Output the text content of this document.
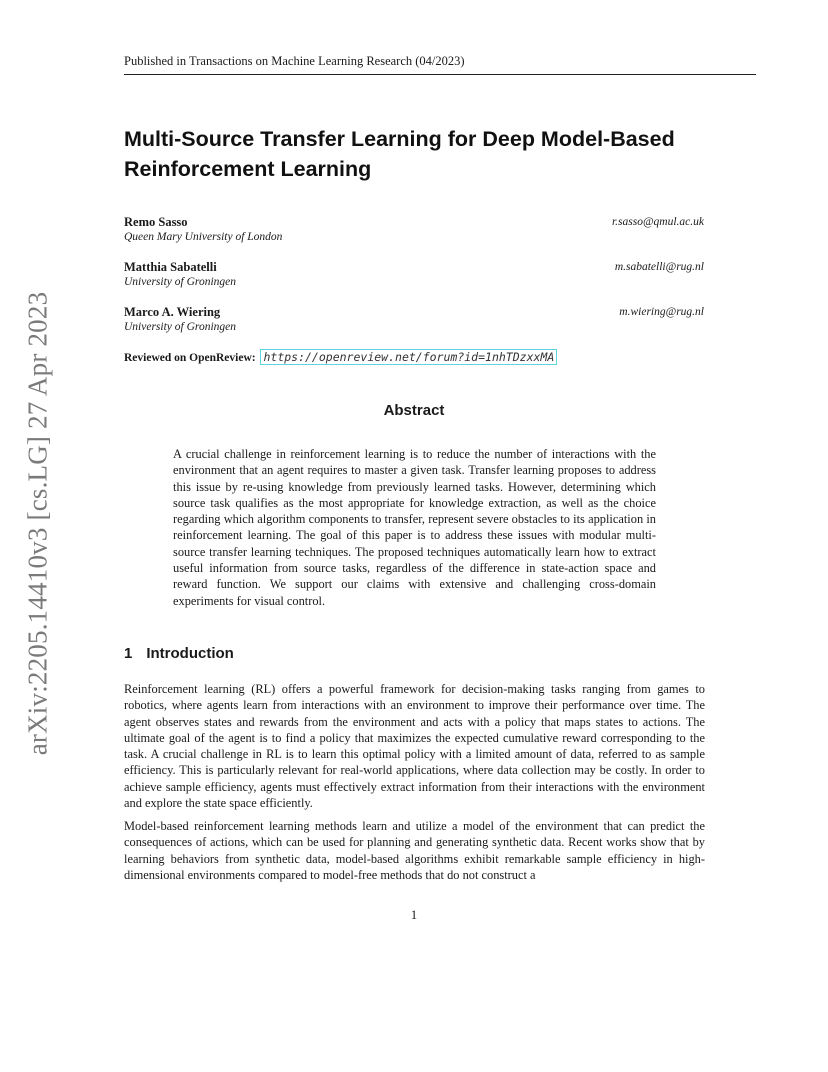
arXiv:2205.14410v3 [cs.LG] 27 Apr 2023
Published in Transactions on Machine Learning Research (04/2023)
Multi-Source Transfer Learning for Deep Model-Based Reinforcement Learning
Remo Sasso
Queen Mary University of London
r.sasso@qmul.ac.uk
Matthia Sabatelli
University of Groningen
m.sabatelli@rug.nl
Marco A. Wiering
University of Groningen
m.wiering@rug.nl
Reviewed on OpenReview: https://openreview.net/forum?id=1nhTDzxxMA
Abstract

A crucial challenge in reinforcement learning is to reduce the number of interactions with the environment that an agent requires to master a given task. Transfer learning proposes to address this issue by re-using knowledge from previously learned tasks. However, determining which source task qualifies as the most appropriate for knowledge extraction, as well as the choice regarding which algorithm components to transfer, represent severe obstacles to its application in reinforcement learning. The goal of this paper is to address these issues with modular multi-source transfer learning techniques. The proposed techniques automatically learn how to extract useful information from source tasks, regardless of the difference in state-action space and reward function. We support our claims with extensive and challenging cross-domain experiments for visual control.

1 Introduction

Reinforcement learning (RL) offers a powerful framework for decision-making tasks ranging from games to robotics, where agents learn from interactions with an environment to improve their performance over time. The agent observes states and rewards from the environment and acts with a policy that maps states to actions. The ultimate goal of the agent is to find a policy that maximizes the expected cumulative reward corresponding to the task. A crucial challenge in RL is to learn this optimal policy with a limited amount of data, referred to as sample efficiency. This is particularly relevant for real-world applications, where data collection may be costly. In order to achieve sample efficiency, agents must effectively extract information from their interactions with the environment and explore the state space efficiently.

Model-based reinforcement learning methods learn and utilize a model of the environment that can predict the consequences of actions, which can be used for planning and generating synthetic data. Recent works show that by learning behaviors from synthetic data, model-based algorithms exhibit remarkable sample efficiency in high-dimensional environments compared to model-free methods that do not construct a

1
